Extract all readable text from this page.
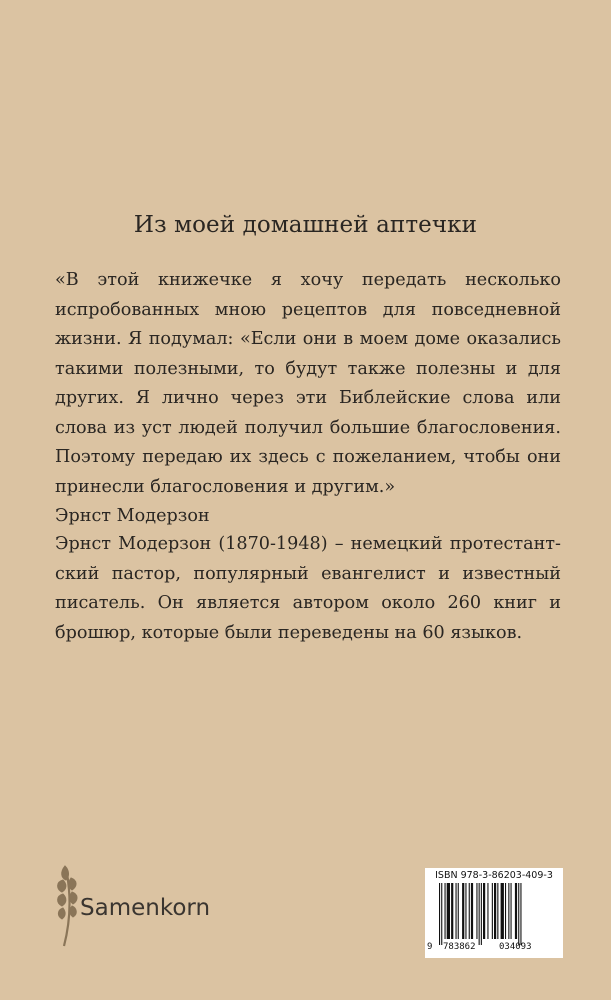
Из моей домашней аптечки
«В этой книжечке я хочу передать несколько
испробованных мною рецептов для повседневной
жизни. Я подумал: «Если они в моем доме оказались
такими полезными, то будут также полезны и для
других. Я лично через эти Библейские слова или
слова из уст людей получил большие благословения.
Поэтому передаю их здесь с пожеланием, чтобы они
принесли благословения и другим.»
Эрнст Модерзон
Эрнст Модерзон (1870-1948) – немецкий протестант-
ский пастор, популярный евангелист и известный
писатель. Он является автором около 260 книг и
брошюр, которые были переведены на 60 языков.
Samenkorn
ISBN 978-3-86203-409-3
9 783862	034093
